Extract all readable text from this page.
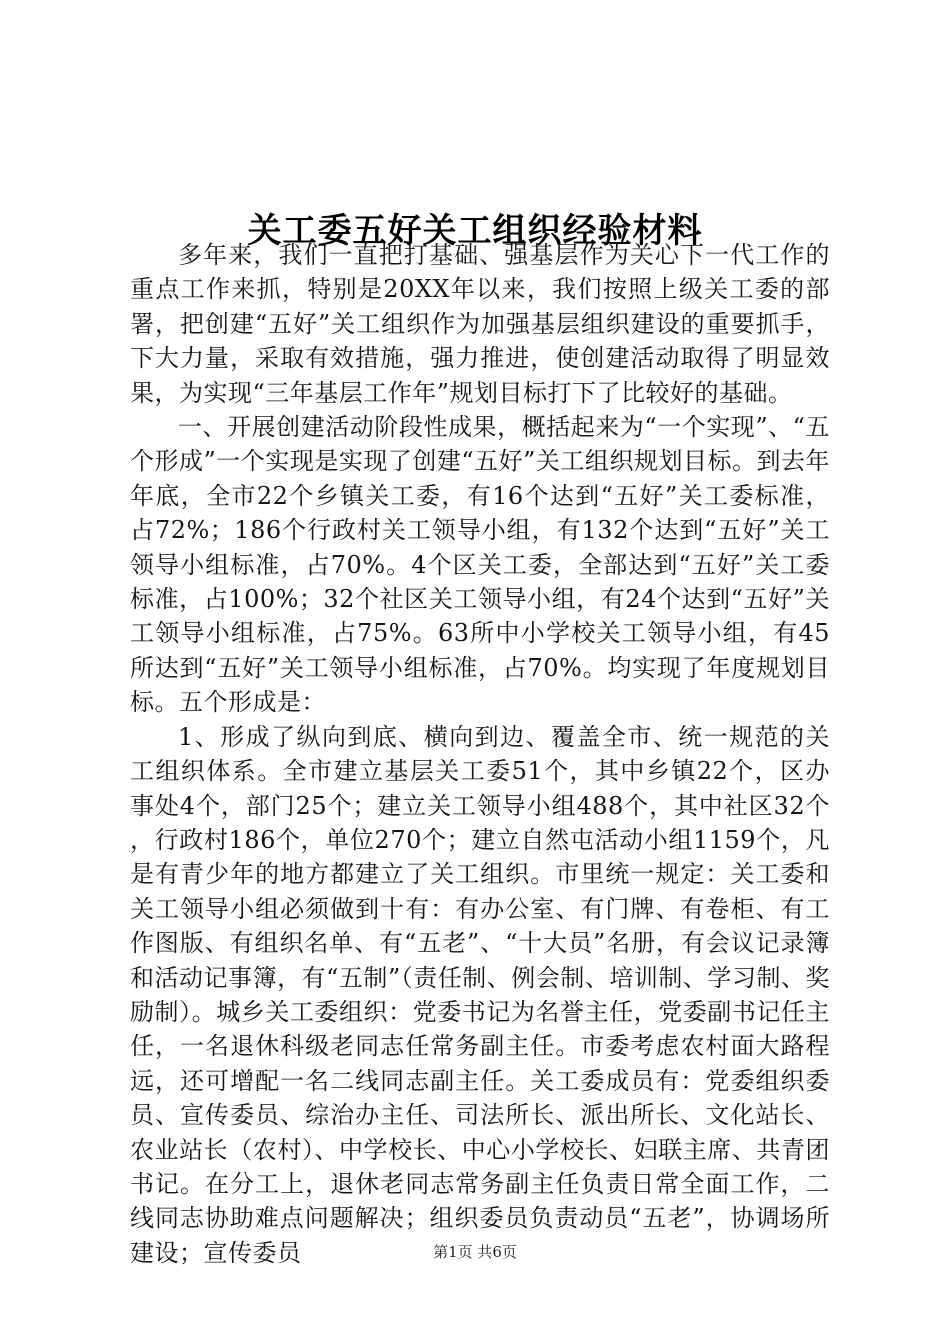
关工委五好关工组织经验材料

多年来，我们一直把打基础、强基层作为关心下一代工作的重点工作来抓，特别是20XX年以来，我们按照上级关工委的部署，把创建“五好”关工组织作为加强基层组织建设的重要抓手，下大力量，采取有效措施，强力推进，使创建活动取得了明显效果，为实现“三年基层工作年”规划目标打下了比较好的基础。

一、开展创建活动阶段性成果，概括起来为“一个实现”、“五个形成”一个实现是实现了创建“五好”关工组织规划目标。到去年年底，全市22个乡镇关工委，有16个达到“五好”关工委标准，占72%；186个行政村关工领导小组，有132个达到“五好”关工领导小组标准，占70%。4个区关工委，全部达到“五好”关工委标准，占100%；32个社区关工领导小组，有24个达到“五好”关工领导小组标准，占75%。63所中小学校关工领导小组，有45所达到“五好”关工领导小组标准，占70%。均实现了年度规划目标。五个形成是：

1、形成了纵向到底、横向到边、覆盖全市、统一规范的关工组织体系。全市建立基层关工委51个，其中乡镇22个，区办事处4个，部门25个；建立关工领导小组488个，其中社区32个，行政村186个，单位270个；建立自然屯活动小组1159个，凡是有青少年的地方都建立了关工组织。市里统一规定：关工委和关工领导小组必须做到十有：有办公室、有门牌、有卷柜、有工作图版、有组织名单、有“五老”、“十大员”名册，有会议记录簿和活动记事簿，有“五制”（责任制、例会制、培训制、学习制、奖励制）。城乡关工委组织：党委书记为名誉主任，党委副书记任主任，一名退休科级老同志任常务副主任。市委考虑农村面大路程远，还可增配一名二线同志副主任。关工委成员有：党委组织委员、宣传委员、综治办主任、司法所长、派出所长、文化站长、农业站长（农村）、中学校长、中心小学校长、妇联主席、共青团书记。在分工上，退休老同志常务副主任负责日常全面工作，二线同志协助难点问题解决；组织委员负责动员“五老”，协调场所建设；宣传委员	第1页 共6页
